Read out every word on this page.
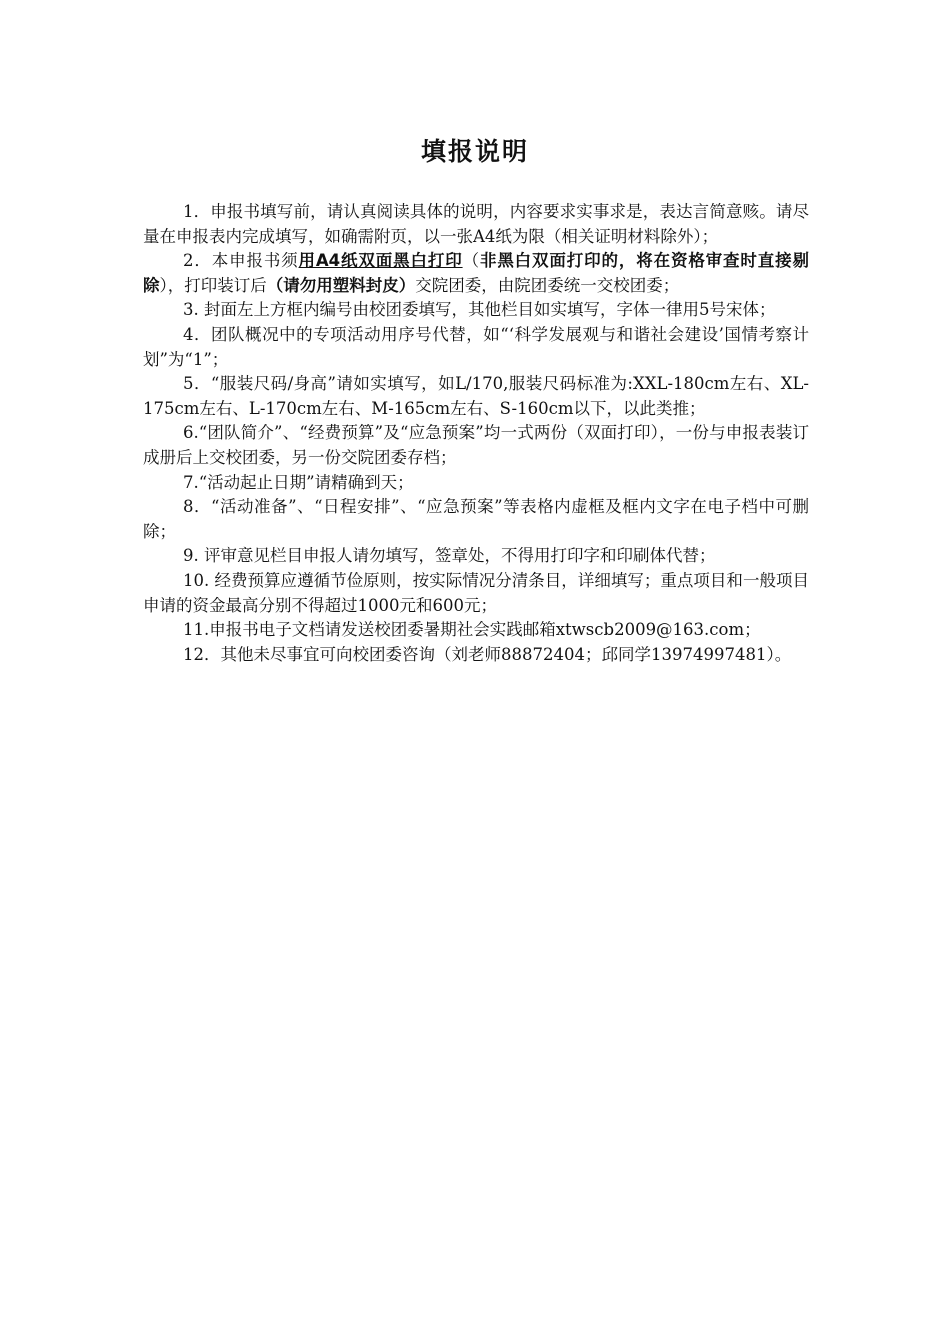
填报说明

1．申报书填写前，请认真阅读具体的说明，内容要求实事求是，表达言简意赅。请尽量在申报表内完成填写，如确需附页，以一张A4纸为限（相关证明材料除外）；

2．本申报书须用A4纸双面黑白打印（非黑白双面打印的，将在资格审查时直接剔除），打印装订后（请勿用塑料封皮）交院团委，由院团委统一交校团委；

3. 封面左上方框内编号由校团委填写，其他栏目如实填写，字体一律用5号宋体；

4．团队概况中的专项活动用序号代替，如“‘科学发展观与和谐社会建设’国情考察计划”为“1”；

5．“服装尺码/身高”请如实填写，如L/170,服装尺码标准为:XXL-180cm左右、XL-175cm左右、L-170cm左右、M-165cm左右、S-160cm以下，以此类推；

6.“团队简介”、“经费预算”及“应急预案”均一式两份（双面打印），一份与申报表装订成册后上交校团委，另一份交院团委存档；

7.“活动起止日期”请精确到天；

8．“活动准备”、“日程安排”、“应急预案”等表格内虚框及框内文字在电子档中可删除；

9. 评审意见栏目申报人请勿填写，签章处，不得用打印字和印刷体代替；

10. 经费预算应遵循节俭原则，按实际情况分清条目，详细填写；重点项目和一般项目申请的资金最高分别不得超过1000元和600元；

11.申报书电子文档请发送校团委暑期社会实践邮箱xtwscb2009@163.com；

12．其他未尽事宜可向校团委咨询（刘老师88872404；邱同学13974997481）。
